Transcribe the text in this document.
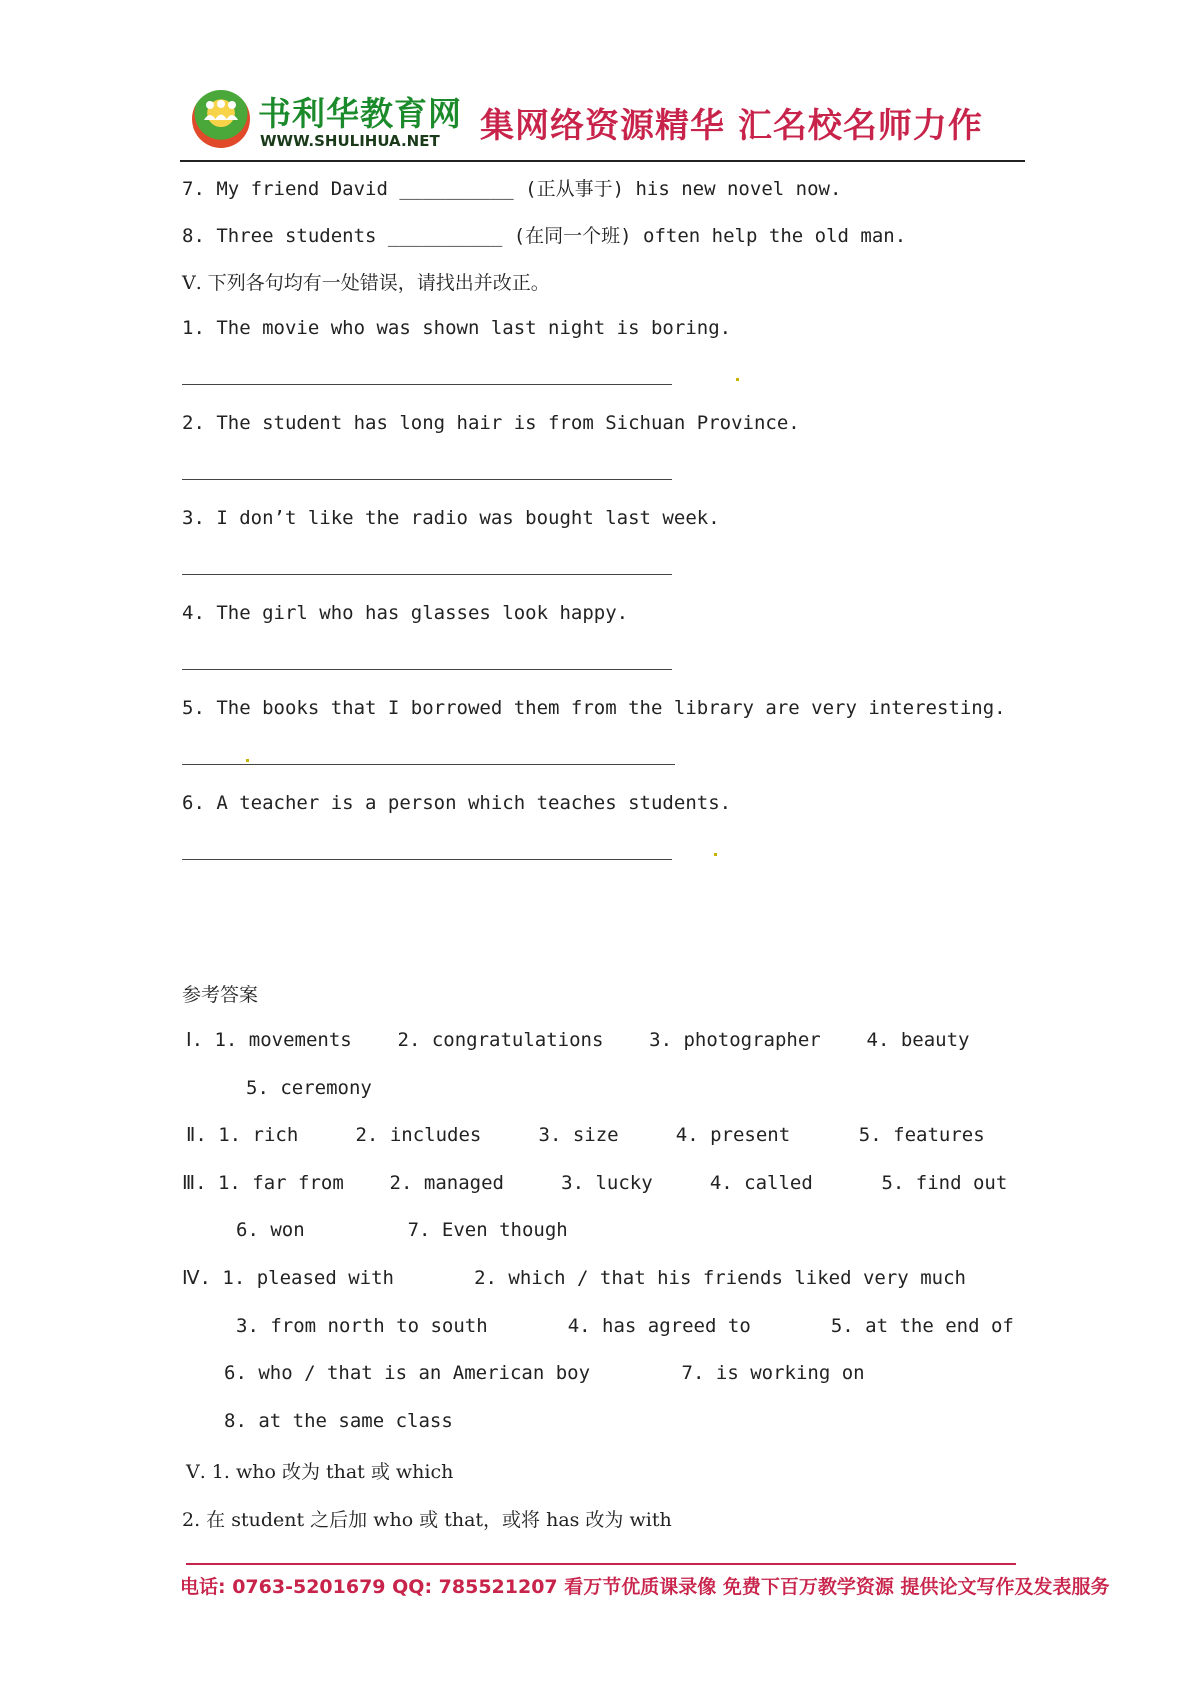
书利华教育网
WWW.SHULIHUA.NET 集网络资源精华 汇名校名师力作
7. My friend David __________ (正从事于) his new novel now.
8. Three students __________ (在同一个班) often help the old man.
Ⅴ. 下列各句均有一处错误，请找出并改正。
1. The movie who was shown last night is boring.
2. The student has long hair is from Sichuan Province.
3. I don’t like the radio was bought last week.
4. The girl who has glasses look happy.
5. The books that I borrowed them from the library are very interesting.
6. A teacher is a person which teaches students.
参考答案
Ⅰ. 1. movements    2. congratulations    3. photographer    4. beauty
5. ceremony
Ⅱ. 1. rich     2. includes     3. size     4. present      5. features
Ⅲ. 1. far from    2. managed     3. lucky     4. called      5. find out
6. won         7. Even though
Ⅳ. 1. pleased with       2. which / that his friends liked very much
3. from north to south       4. has agreed to       5. at the end of
6. who / that is an American boy        7. is working on
8. at the same class
Ⅴ. 1. who 改为 that 或 which
2. 在 student 之后加 who 或 that，或将 has 改为 with
电话: 0763-5201679 QQ: 785521207 看万节优质课录像 免费下百万教学资源 提供论文写作及发表服务
